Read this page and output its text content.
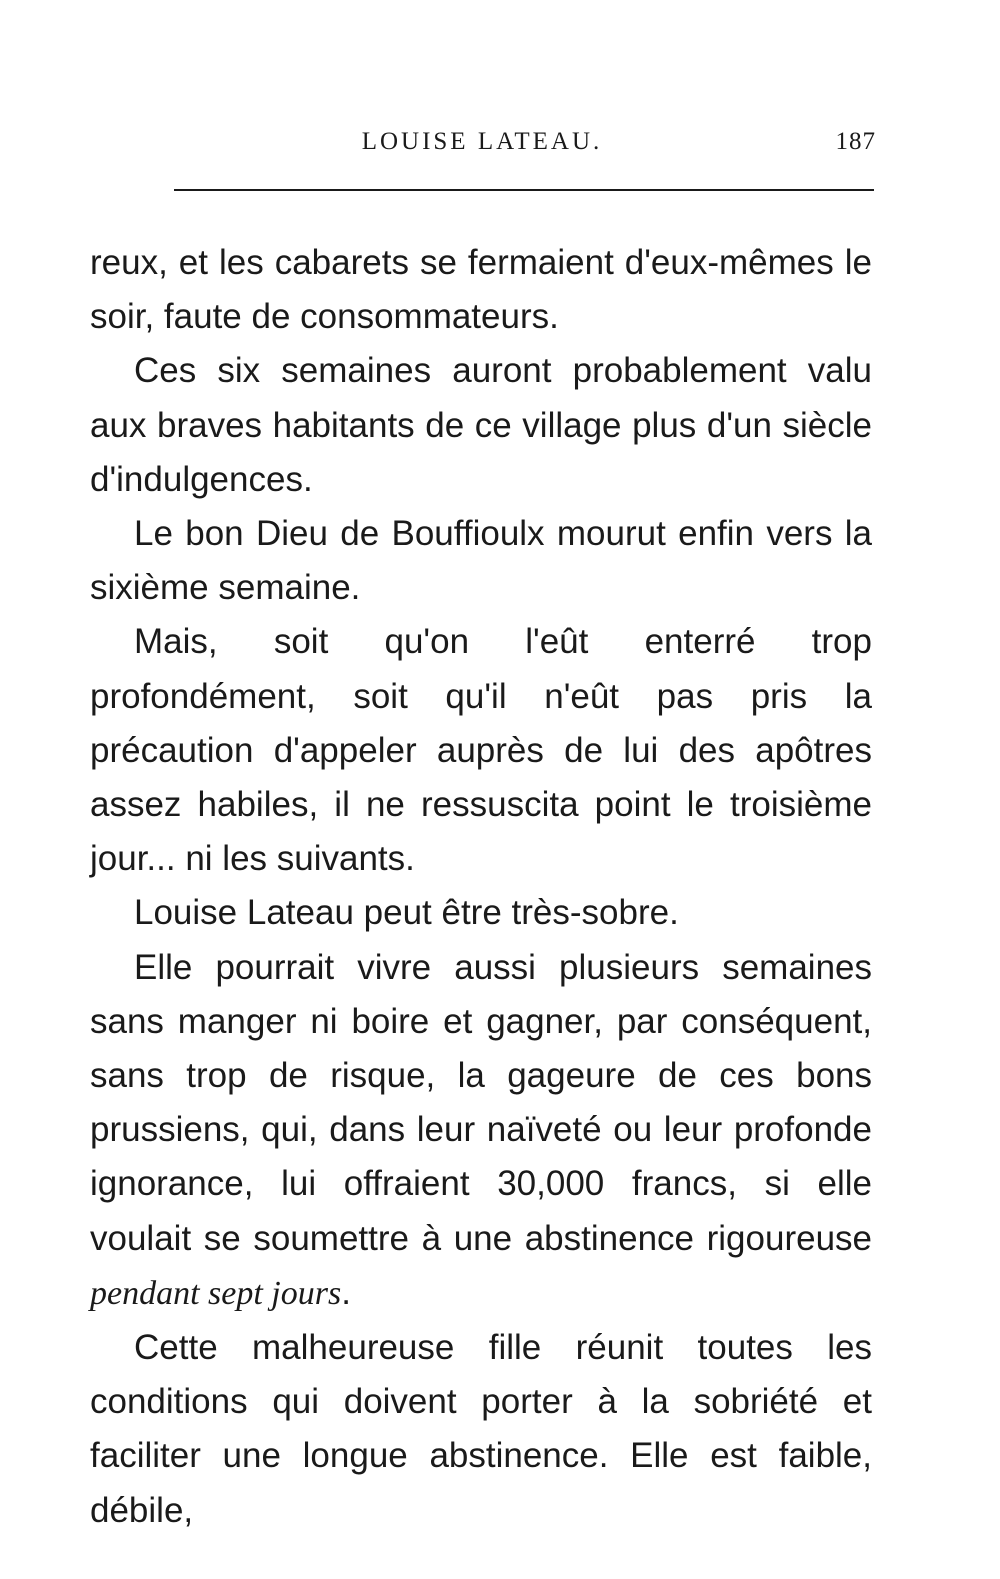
LOUISE LATEAU.	187

reux, et les cabarets se fermaient d'eux-mêmes le soir, faute de consommateurs.

Ces six semaines auront probablement valu aux braves habitants de ce village plus d'un siècle d'indulgences.

Le bon Dieu de Bouffioulx mourut enfin vers la sixième semaine.

Mais, soit qu'on l'eût enterré trop profondément, soit qu'il n'eût pas pris la précaution d'appeler auprès de lui des apôtres assez habiles, il ne ressuscita point le troisième jour... ni les suivants.

Louise Lateau peut être très-sobre.

Elle pourrait vivre aussi plusieurs semaines sans manger ni boire et gagner, par conséquent, sans trop de risque, la gageure de ces bons prussiens, qui, dans leur naïveté ou leur profonde ignorance, lui offraient 30,000 francs, si elle voulait se soumettre à une abstinence rigoureuse pendant sept jours.

Cette malheureuse fille réunit toutes les conditions qui doivent porter à la sobriété et faciliter une longue abstinence. Elle est faible, débile,
